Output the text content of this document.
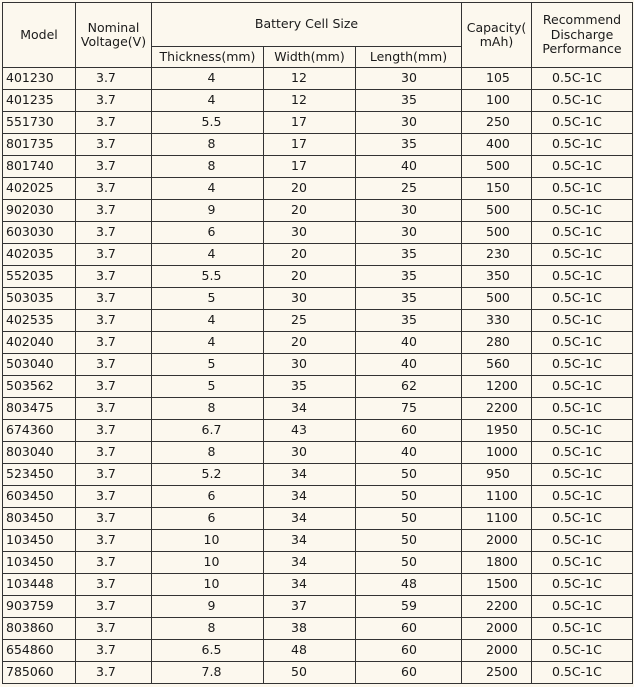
Model	Nominal Voltage(V)	Battery Cell Size			Capacity( mAh)	Recommend Discharge Performance
		Thickness(mm)	Width(mm)	Length(mm)		
401230	3.7	4	12	30	105	0.5C-1C
401235	3.7	4	12	35	100	0.5C-1C
551730	3.7	5.5	17	30	250	0.5C-1C
801735	3.7	8	17	35	400	0.5C-1C
801740	3.7	8	17	40	500	0.5C-1C
402025	3.7	4	20	25	150	0.5C-1C
902030	3.7	9	20	30	500	0.5C-1C
603030	3.7	6	30	30	500	0.5C-1C
402035	3.7	4	20	35	230	0.5C-1C
552035	3.7	5.5	20	35	350	0.5C-1C
503035	3.7	5	30	35	500	0.5C-1C
402535	3.7	4	25	35	330	0.5C-1C
402040	3.7	4	20	40	280	0.5C-1C
503040	3.7	5	30	40	560	0.5C-1C
503562	3.7	5	35	62	1200	0.5C-1C
803475	3.7	8	34	75	2200	0.5C-1C
674360	3.7	6.7	43	60	1950	0.5C-1C
803040	3.7	8	30	40	1000	0.5C-1C
523450	3.7	5.2	34	50	950	0.5C-1C
603450	3.7	6	34	50	1100	0.5C-1C
803450	3.7	6	34	50	1100	0.5C-1C
103450	3.7	10	34	50	2000	0.5C-1C
103450	3.7	10	34	50	1800	0.5C-1C
103448	3.7	10	34	48	1500	0.5C-1C
903759	3.7	9	37	59	2200	0.5C-1C
803860	3.7	8	38	60	2000	0.5C-1C
654860	3.7	6.5	48	60	2000	0.5C-1C
785060	3.7	7.8	50	60	2500	0.5C-1C
